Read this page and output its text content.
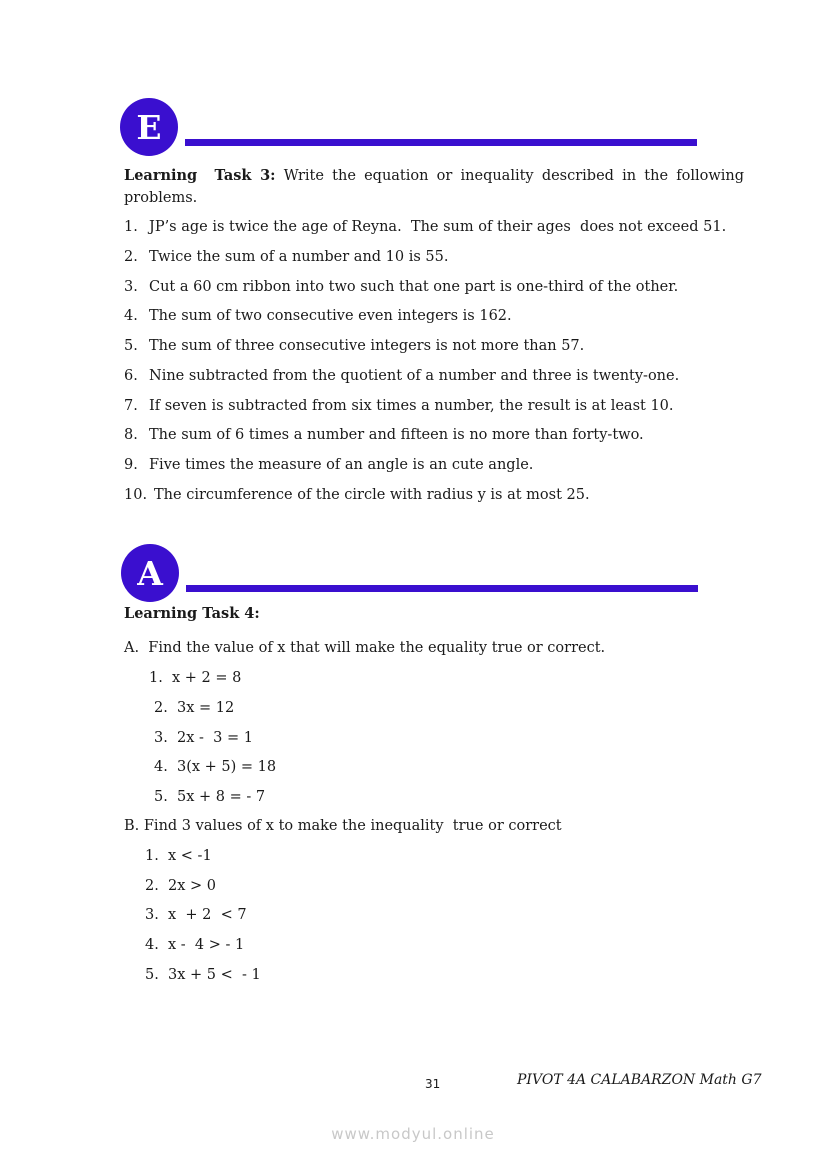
E
Learning  Task 3: Write the equation or inequality described in the following problems.
1. JP’s age is twice the age of Reyna.  The sum of their ages  does not exceed 51.
2. Twice the sum of a number and 10 is 55.
3. Cut a 60 cm ribbon into two such that one part is one-third of the other.
4. The sum of two consecutive even integers is 162.
5. The sum of three consecutive integers is not more than 57.
6. Nine subtracted from the quotient of a number and three is twenty-one.
7. If seven is subtracted from six times a number, the result is at least 10.
8. The sum of 6 times a number and fifteen is no more than forty-two.
9. Five times the measure of an angle is an cute angle.
10. The circumference of the circle with radius y is at most 25.
A
Learning Task 4:
A.  Find the value of x that will make the equality true or correct.
1. x + 2 = 8
2. 3x = 12
3. 2x -  3 = 1
4. 3(x + 5) = 18
5. 5x + 8 = - 7
B. Find 3 values of x to make the inequality  true or correct
1. x < -1
2. 2x > 0
3. x  + 2  < 7
4. x -  4 > - 1
5. 3x + 5 <  - 1
31	PIVOT 4A CALABARZON Math G7
www.modyul.online
